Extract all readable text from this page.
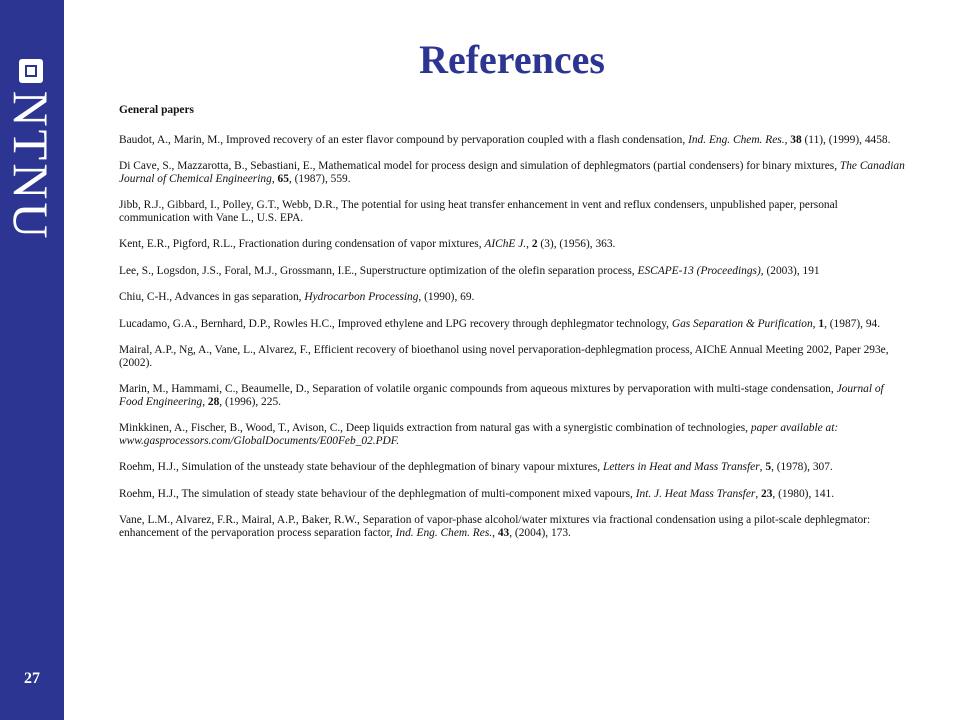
NTNU
27
References

General papers

Baudot, A., Marin, M., Improved recovery of an ester flavor compound by pervaporation coupled with a flash condensation, Ind. Eng. Chem. Res., 38 (11), (1999), 4458.

Di Cave, S., Mazzarotta, B., Sebastiani, E., Mathematical model for process design and simulation of dephlegmators (partial condensers) for binary mixtures, The Canadian Journal of Chemical Engineering, 65, (1987), 559.

Jibb, R.J., Gibbard, I., Polley, G.T., Webb, D.R., The potential for using heat transfer enhancement in vent and reflux condensers, unpublished paper, personal communication with Vane L., U.S. EPA.

Kent, E.R., Pigford, R.L., Fractionation during condensation of vapor mixtures, AIChE J., 2 (3), (1956), 363.

Lee, S., Logsdon, J.S., Foral, M.J., Grossmann, I.E., Superstructure optimization of the olefin separation process, ESCAPE-13 (Proceedings), (2003), 191

Chiu, C-H., Advances in gas separation, Hydrocarbon Processing, (1990), 69.

Lucadamo, G.A., Bernhard, D.P., Rowles H.C., Improved ethylene and LPG recovery through dephlegmator technology, Gas Separation & Purification, 1, (1987), 94.

Mairal, A.P., Ng, A., Vane, L., Alvarez, F., Efficient recovery of bioethanol using novel pervaporation-dephlegmation process, AIChE Annual Meeting 2002, Paper 293e, (2002).

Marin, M., Hammami, C., Beaumelle, D., Separation of volatile organic compounds from aqueous mixtures by pervaporation with multi-stage condensation, Journal of Food Engineering, 28, (1996), 225.

Minkkinen, A., Fischer, B., Wood, T., Avison, C., Deep liquids extraction from natural gas with a synergistic combination of technologies, paper available at: www.gasprocessors.com/GlobalDocuments/E00Feb_02.PDF.

Roehm, H.J., Simulation of the unsteady state behaviour of the dephlegmation of binary vapour mixtures, Letters in Heat and Mass Transfer, 5, (1978), 307.

Roehm, H.J., The simulation of steady state behaviour of the dephlegmation of multi-component mixed vapours, Int. J. Heat Mass Transfer, 23, (1980), 141.

Vane, L.M., Alvarez, F.R., Mairal, A.P., Baker, R.W., Separation of vapor-phase alcohol/water mixtures via fractional condensation using a pilot-scale dephlegmator: enhancement of the pervaporation process separation factor, Ind. Eng. Chem. Res., 43, (2004), 173.
